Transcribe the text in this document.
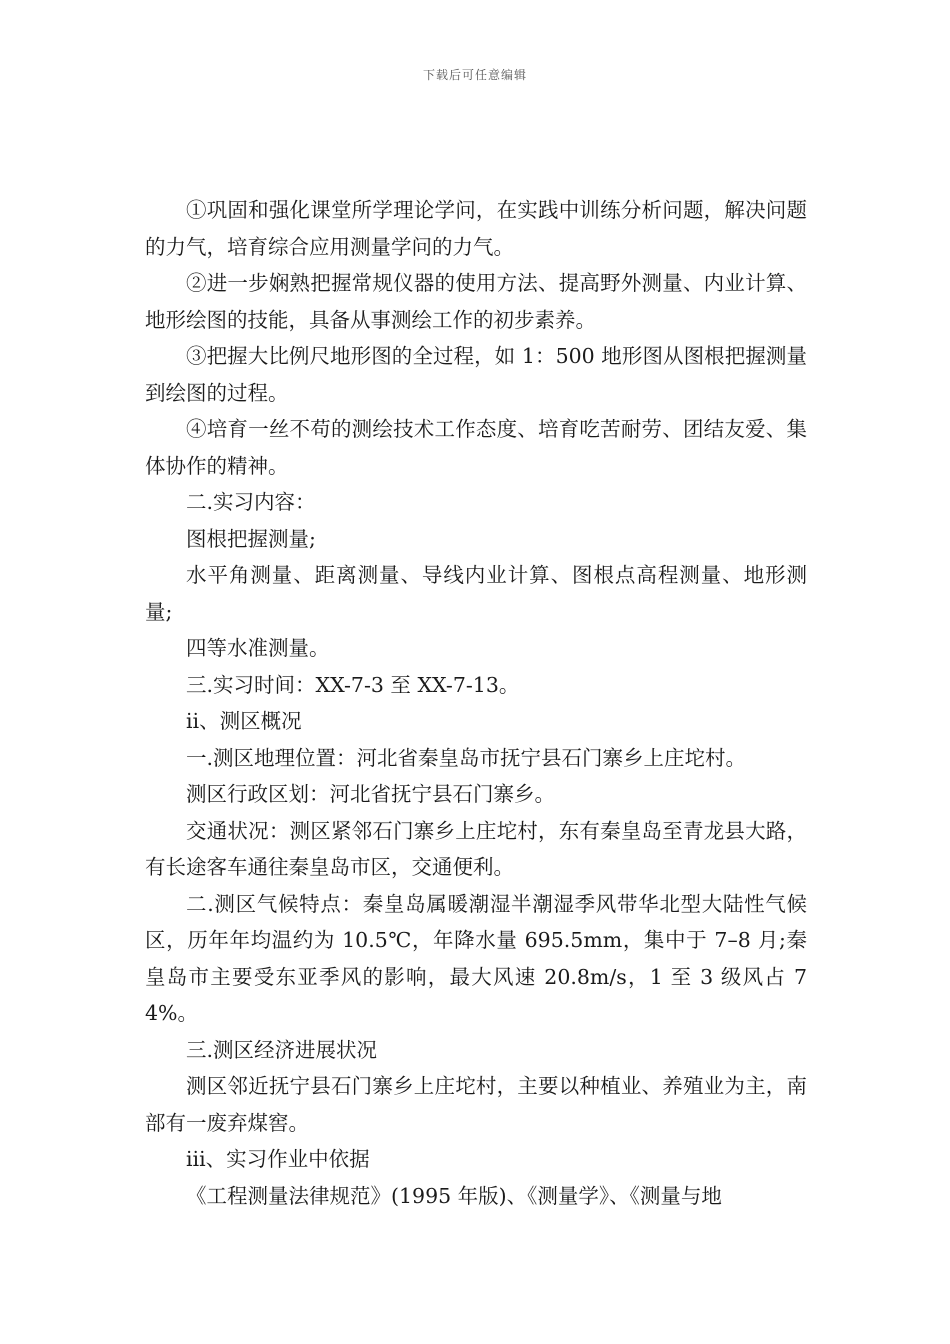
下载后可任意编辑

①巩固和强化课堂所学理论学问，在实践中训练分析问题，解决问题的力气，培育综合应用测量学问的力气。

②进一步娴熟把握常规仪器的使用方法、提高野外测量、内业计算、地形绘图的技能，具备从事测绘工作的初步素养。

③把握大比例尺地形图的全过程，如 1：500 地形图从图根把握测量到绘图的过程。

④培育一丝不苟的测绘技术工作态度、培育吃苦耐劳、团结友爱、集体协作的精神。

二.实习内容：

图根把握测量;

水平角测量、距离测量、导线内业计算、图根点高程测量、地形测量;

四等水准测量。

三.实习时间：XX-7-3 至 XX-7-13。

ⅱ、测区概况

一.测区地理位置：河北省秦皇岛市抚宁县石门寨乡上庄坨村。

测区行政区划：河北省抚宁县石门寨乡。

交通状况：测区紧邻石门寨乡上庄坨村，东有秦皇岛至青龙县大路，有长途客车通往秦皇岛市区，交通便利。

二.测区气候特点：秦皇岛属暖潮湿半潮湿季风带华北型大陆性气候区，历年年均温约为 10.5℃，年降水量 695.5mm，集中于 7–8 月;秦皇岛市主要受东亚季风的影响，最大风速 20.8m/s，1 至 3 级风占 74%。

三.测区经济进展状况

测区邻近抚宁县石门寨乡上庄坨村，主要以种植业、养殖业为主，南部有一废弃煤窖。

ⅲ、实习作业中依据

《工程测量法律规范》(1995 年版)、《测量学》、《测量与地
